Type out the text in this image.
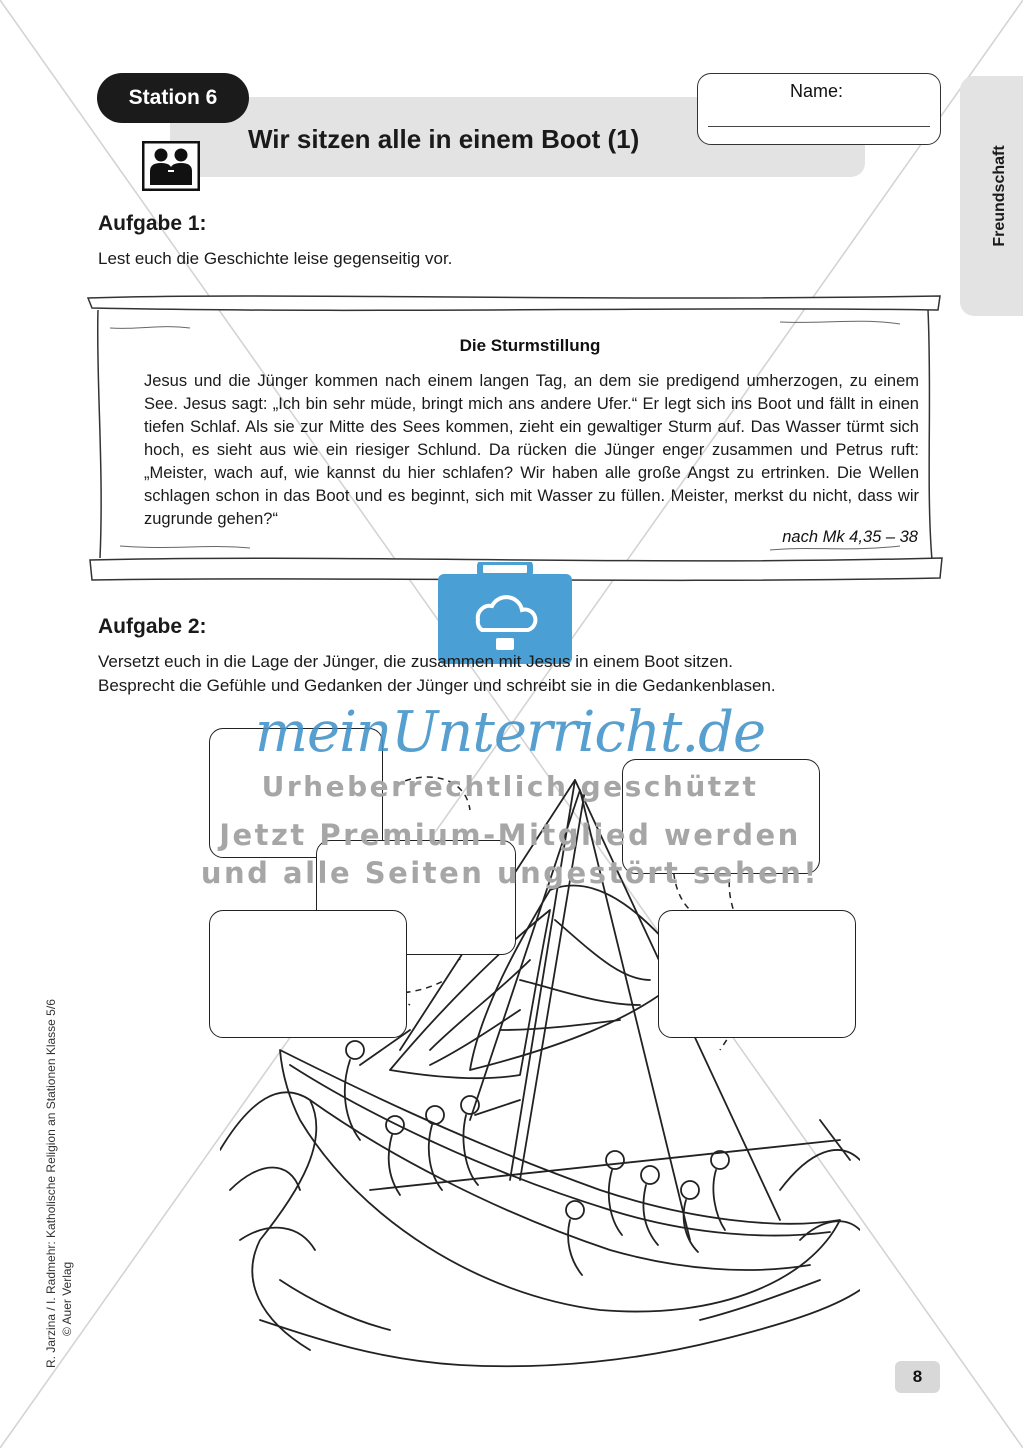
Station 6
Wir sitzen alle in einem Boot (1)
Name:
Freundschaft
Aufgabe 1:
Lest euch die Geschichte leise gegenseitig vor.
Die Sturmstillung
Jesus und die Jünger kommen nach einem langen Tag, an dem sie predigend umherzogen, zu einem See. Jesus sagt: „Ich bin sehr müde, bringt mich ans andere Ufer.“ Er legt sich ins Boot und fällt in einen tiefen Schlaf. Als sie zur Mitte des Sees kommen, zieht ein gewaltiger Sturm auf. Das Wasser türmt sich hoch, es sieht aus wie ein riesiger Schlund. Da rücken die Jünger enger zusammen und Petrus ruft: „Meister, wach auf, wie kannst du hier schlafen? Wir haben alle große Angst zu ertrinken. Die Wellen schlagen schon in das Boot und es beginnt, sich mit Wasser zu füllen. Meister, merkst du nicht, dass wir zugrunde gehen?“
nach Mk 4,35 – 38
Aufgabe 2:
Versetzt euch in die Lage der Jünger, die zusammen mit Jesus in einem Boot sitzen.
Besprecht die Gefühle und Gedanken der Jünger und schreibt sie in die Gedankenblasen.
meinUnterricht.de
Urheberrechtlich geschützt
Jetzt Premium-Mitglied werden
und alle Seiten ungestört sehen!
R. Jarzina / I. Radmehr: Katholische Religion an Stationen Klasse 5/6 © Auer Verlag
8
